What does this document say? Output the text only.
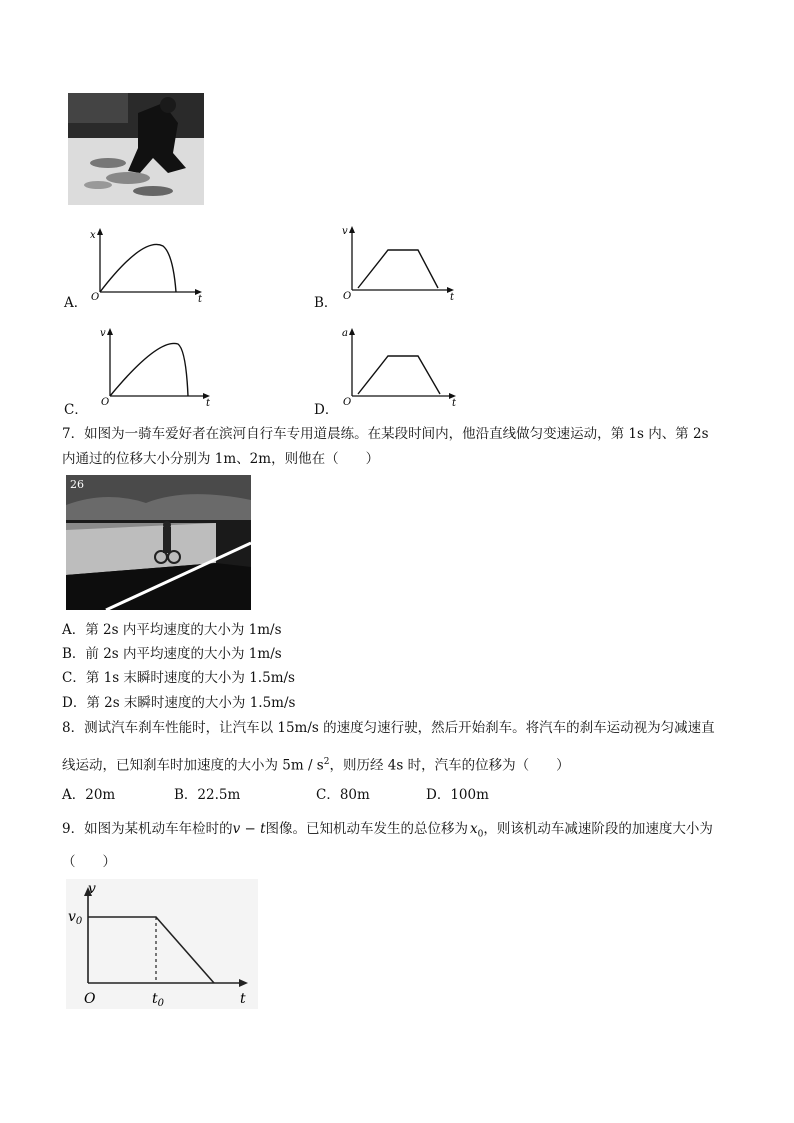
A．
x
O	t	B．
v
O	t
C．
v
O	t	D．
a
O	t
7．如图为一骑车爱好者在滨河自行车专用道晨练。在某段时间内，他沿直线做匀变速运动，第 1s 内、第 2s
内通过的位移大小分别为 1m、2m，则他在（　　）
26
A．第 2s 内平均速度的大小为 1m/s
B．前 2s 内平均速度的大小为 1m/s
C．第 1s 末瞬时速度的大小为 1.5m/s
D．第 2s 末瞬时速度的大小为 1.5m/s
8．测试汽车刹车性能时，让汽车以 15m/s 的速度匀速行驶，然后开始刹车。将汽车的刹车运动视为匀减速直
线运动，已知刹车时加速度的大小为 $5m / s^2$，则历经 4s 时，汽车的位移为（　　）
A．20m	B．22.5m	C．80m	D．100m
9．如图为某机动车年检时的v − t图像。已知机动车发生的总位移为 $x_0$，则该机动车减速阶段的加速度大小为
（　　）
v
$v_0$
O	$t_0$	t
